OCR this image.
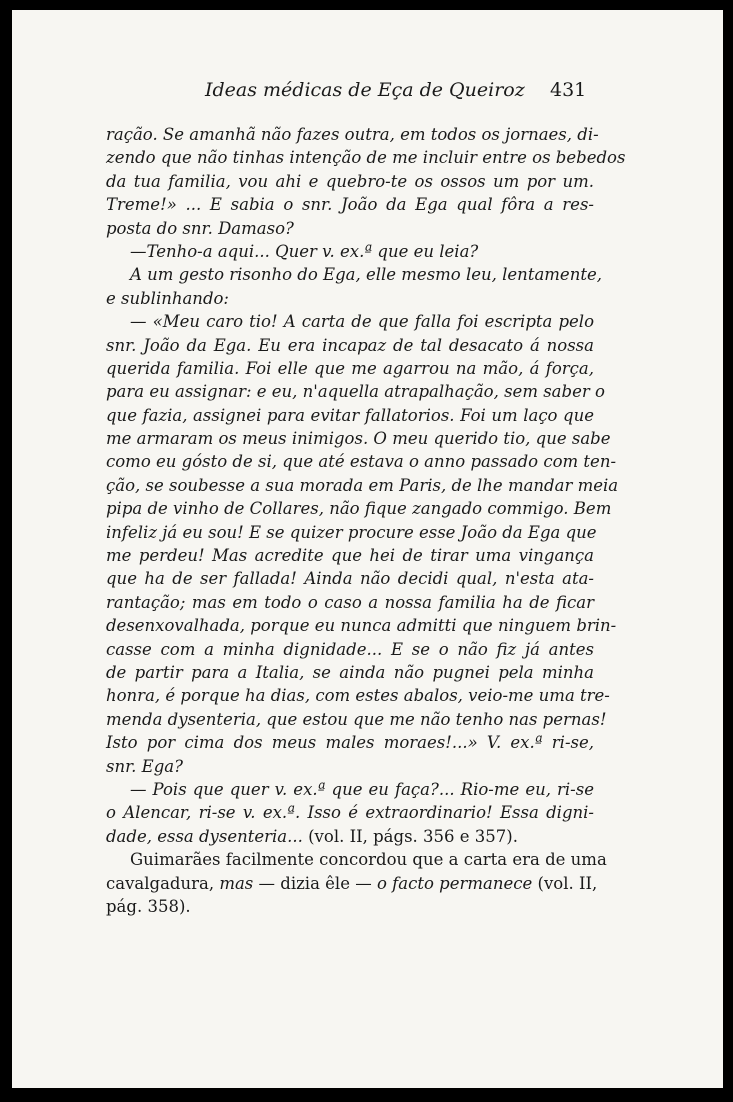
Ideas médicas de Eça de Queiroz 431
ração. Se amanhã não fazes outra, em todos os jornaes, di-
zendo que não tinhas intenção de me incluir entre os bebedos
da tua familia, vou ahi e quebro-te os ossos um por um.
Treme!» ... E sabia o snr. João da Ega qual fôra a res-
posta do snr. Damaso?
—Tenho-a aqui... Quer v. ex.ª que eu leia?
A um gesto risonho do Ega, elle mesmo leu, lentamente,
e sublinhando:
— «Meu caro tio! A carta de que falla foi escripta pelo
snr. João da Ega. Eu era incapaz de tal desacato á nossa
querida familia. Foi elle que me agarrou na mão, á força,
para eu assignar: e eu, n'aquella atrapalhação, sem saber o
que fazia, assignei para evitar fallatorios. Foi um laço que
me armaram os meus inimigos. O meu querido tio, que sabe
como eu gósto de si, que até estava o anno passado com ten-
ção, se soubesse a sua morada em Paris, de lhe mandar meia
pipa de vinho de Collares, não fique zangado commigo. Bem
infeliz já eu sou! E se quizer procure esse João da Ega que
me perdeu! Mas acredite que hei de tirar uma vingança
que ha de ser fallada! Ainda não decidi qual, n'esta ata-
rantação; mas em todo o caso a nossa familia ha de ficar
desenxovalhada, porque eu nunca admitti que ninguem brin-
casse com a minha dignidade... E se o não fiz já antes
de partir para a Italia, se ainda não pugnei pela minha
honra, é porque ha dias, com estes abalos, veio-me uma tre-
menda dysenteria, que estou que me não tenho nas pernas!
Isto por cima dos meus males moraes!...» V. ex.ª ri-se,
snr. Ega?
— Pois que quer v. ex.ª que eu faça?... Rio-me eu, ri-se
o Alencar, ri-se v. ex.ª. Isso é extraordinario! Essa digni-
dade, essa dysenteria... (vol. II, págs. 356 e 357).
Guimarães facilmente concordou que a carta era de uma
cavalgadura, mas — dizia êle — o facto permanece (vol. II,
pág. 358).
